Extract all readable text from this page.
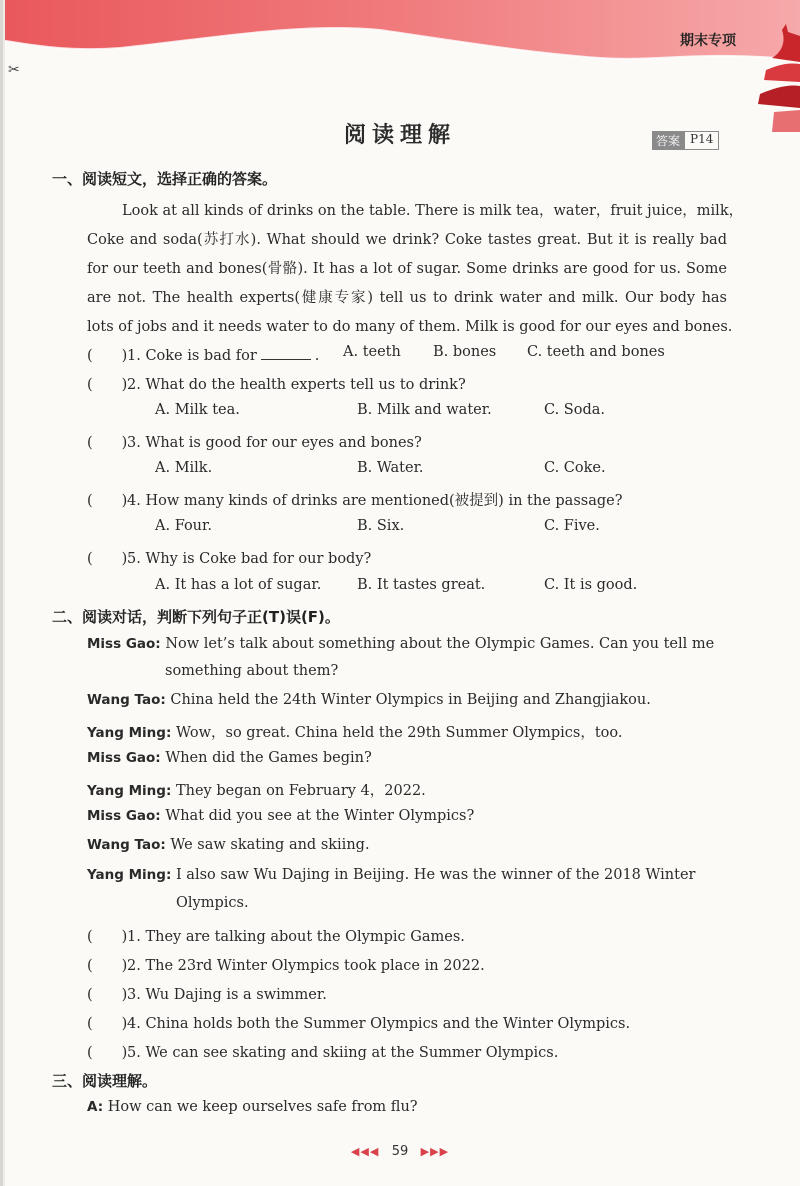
期末专项
✂
阅读理解	答案 P14
一、阅读短文，选择正确的答案。
Look at all kinds of drinks on the table. There is milk tea，water，fruit juice，milk，
Coke and soda(苏打水). What should we drink? Coke tastes great. But it is really bad
for our teeth and bones(骨骼). It has a lot of sugar. Some drinks are good for us. Some
are not. The health experts(健康专家) tell us to drink water and milk. Our body has
lots of jobs and it needs water to do many of them. Milk is good for our eyes and bones.
(　　)1. Coke is bad for	. A. teeth B. bones C. teeth and bones
(　　)2. What do the health experts tell us to drink?
A. Milk tea.	B. Milk and water.	C. Soda.
(　　)3. What is good for our eyes and bones?
A. Milk.	B. Water.	C. Coke.
(　　)4. How many kinds of drinks are mentioned(被提到) in the passage?
A. Four.	B. Six.	C. Five.
(　　)5. Why is Coke bad for our body?
A. It has a lot of sugar. B. It tastes great.	C. It is good.
二、阅读对话，判断下列句子正(T)误(F)。
Miss Gao: Now let’s talk about something about the Olympic Games. Can you tell me
something about them?
Wang Tao: China held the 24th Winter Olympics in Beijing and Zhangjiakou.
Yang Ming: Wow，so great. China held the 29th Summer Olympics，too.
Miss Gao: When did the Games begin?
Yang Ming: They began on February 4，2022.
Miss Gao: What did you see at the Winter Olympics?
Wang Tao: We saw skating and skiing.
Yang Ming: I also saw Wu Dajing in Beijing. He was the winner of the 2018 Winter
Olympics.
(　　)1. They are talking about the Olympic Games.
(　　)2. The 23rd Winter Olympics took place in 2022.
(　　)3. Wu Dajing is a swimmer.
(　　)4. China holds both the Summer Olympics and the Winter Olympics.
(　　)5. We can see skating and skiing at the Summer Olympics.
三、阅读理解。
A: How can we keep ourselves safe from flu?
◀◀◀ 59 ▶▶▶
